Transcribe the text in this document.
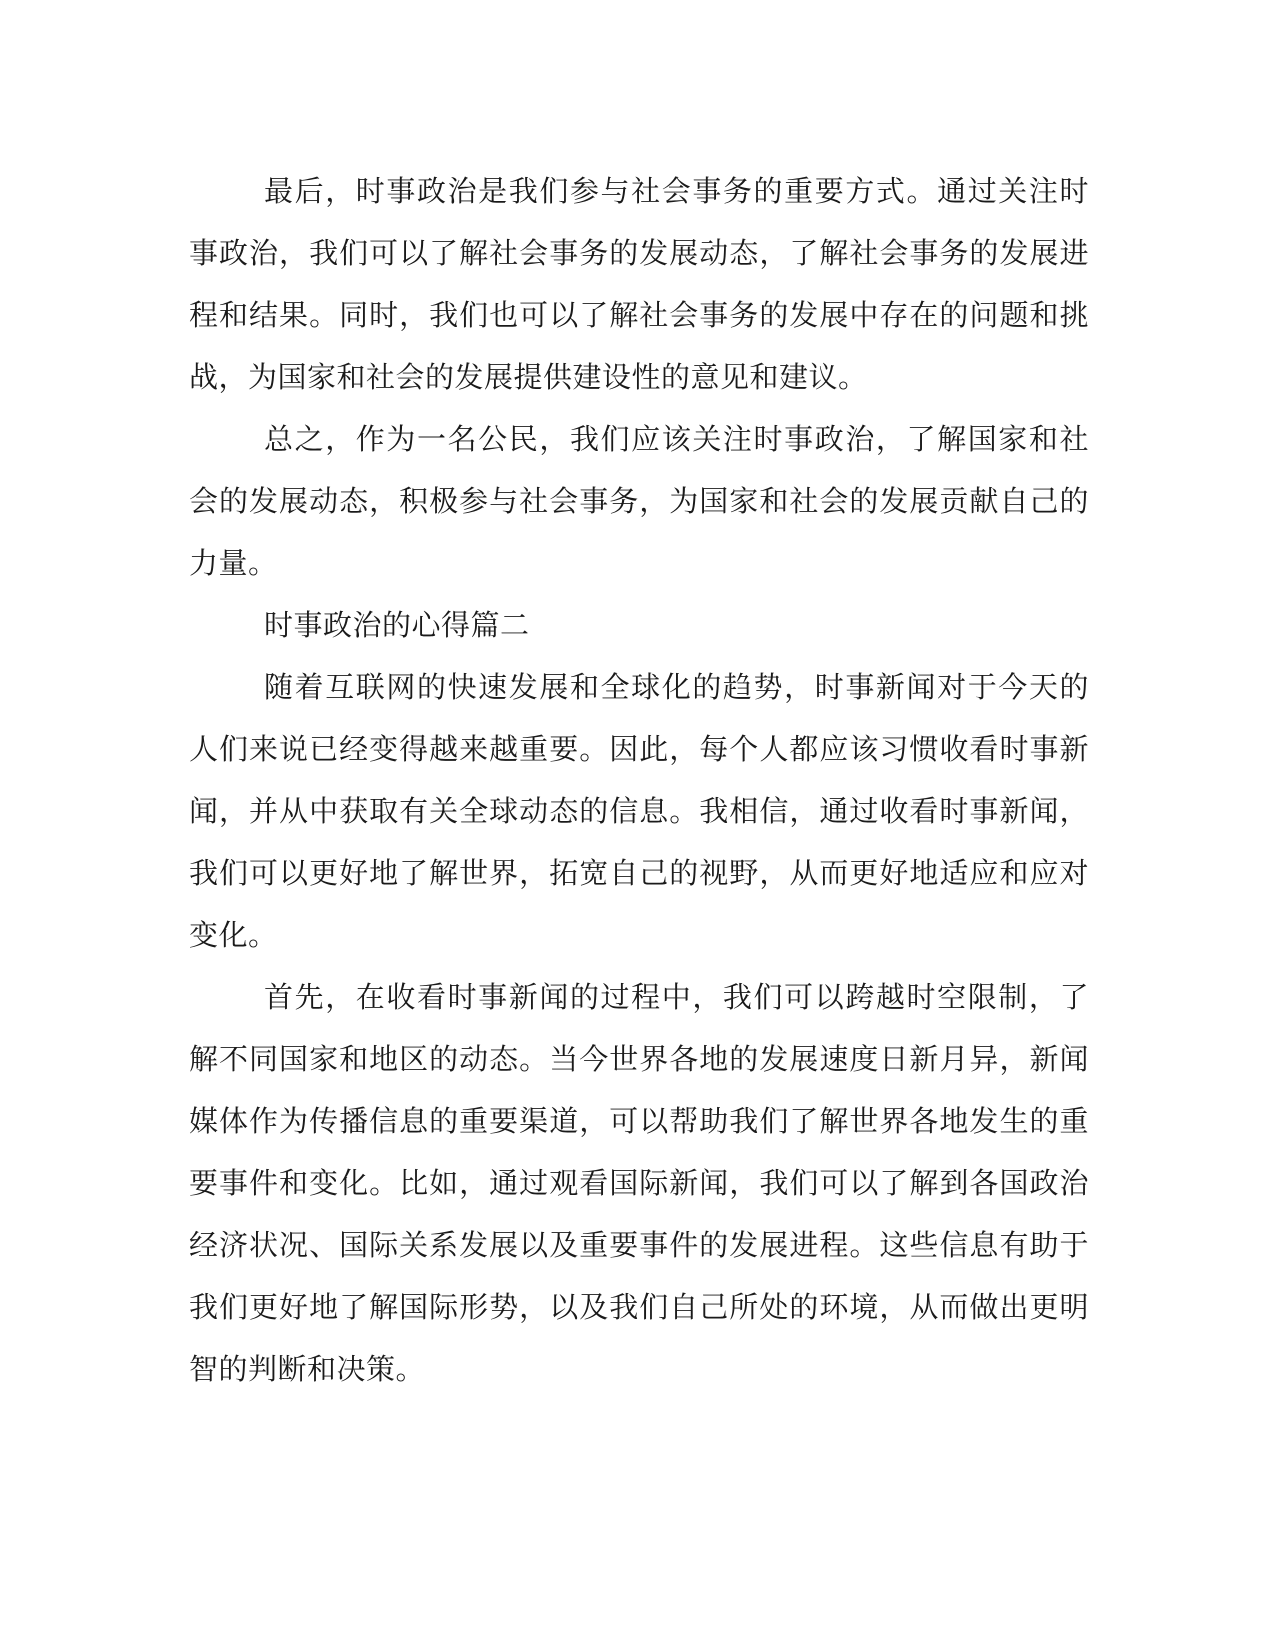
最后，时事政治是我们参与社会事务的重要方式。通过关注时事政治，我们可以了解社会事务的发展动态，了解社会事务的发展进程和结果。同时，我们也可以了解社会事务的发展中存在的问题和挑战，为国家和社会的发展提供建设性的意见和建议。

总之，作为一名公民，我们应该关注时事政治，了解国家和社会的发展动态，积极参与社会事务，为国家和社会的发展贡献自己的力量。

时事政治的心得篇二

随着互联网的快速发展和全球化的趋势，时事新闻对于今天的人们来说已经变得越来越重要。因此，每个人都应该习惯收看时事新闻，并从中获取有关全球动态的信息。我相信，通过收看时事新闻，我们可以更好地了解世界，拓宽自己的视野，从而更好地适应和应对变化。

首先，在收看时事新闻的过程中，我们可以跨越时空限制，了解不同国家和地区的动态。当今世界各地的发展速度日新月异，新闻媒体作为传播信息的重要渠道，可以帮助我们了解世界各地发生的重要事件和变化。比如，通过观看国际新闻，我们可以了解到各国政治经济状况、国际关系发展以及重要事件的发展进程。这些信息有助于我们更好地了解国际形势，以及我们自己所处的环境，从而做出更明智的判断和决策。
